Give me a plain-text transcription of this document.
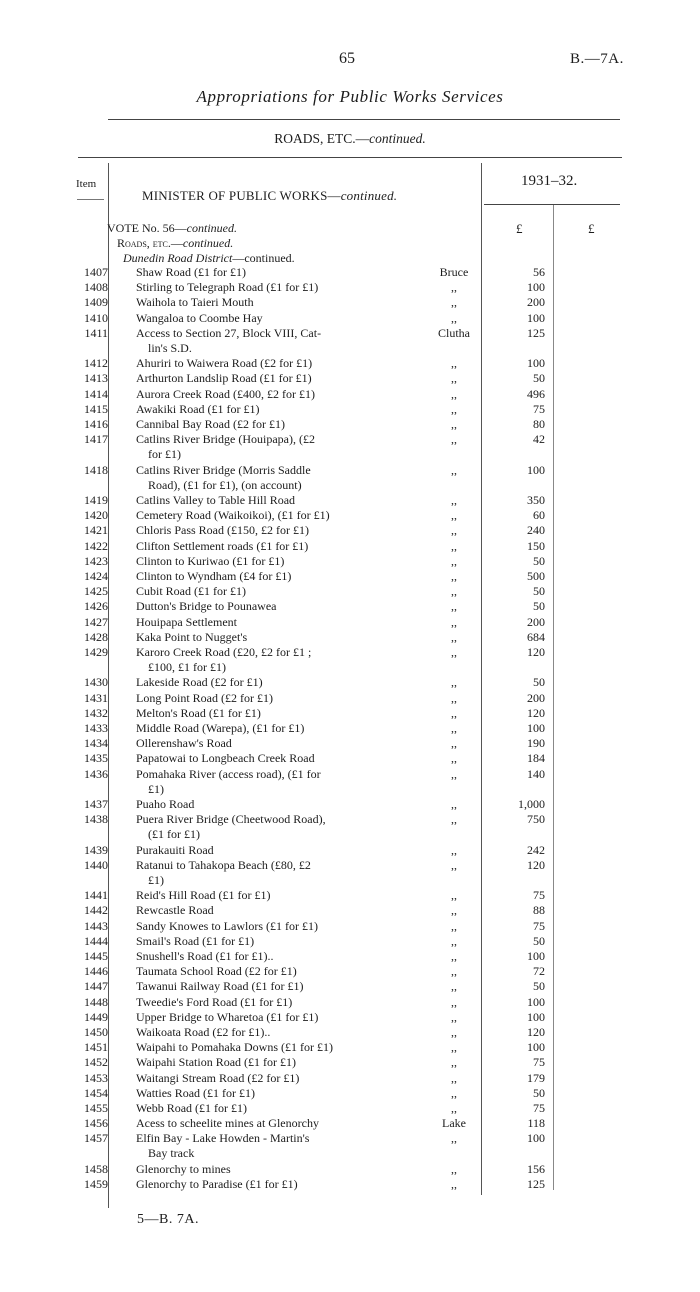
65	B.—7A.
Appropriations for Public Works Services
ROADS, ETC.—continued.
Item
MINISTER OF PUBLIC WORKS—continued.
1931–32.
£	£
VOTE No. 56—continued.
Roads, etc.—continued.
Dunedin Road District—continued.
1407 Shaw Road (£1 for £1)	Bruce	56
1408 Stirling to Telegraph Road (£1 for £1)	,,	100
1409 Waihola to Taieri Mouth	,,	200
1410 Wangaloa to Coombe Hay	,,	100
1411 Access to Section 27, Block VIII, Cat-
lin's S.D.
Clutha	125
1412 Ahuriri to Waiwera Road (£2 for £1)	,,	100
1413 Arthurton Landslip Road (£1 for £1)	,,	50
1414 Aurora Creek Road (£400, £2 for £1)	,,	496
1415 Awakiki Road (£1 for £1)	,,	75
1416 Cannibal Bay Road (£2 for £1)	,,	80
1417 Catlins River Bridge (Houipapa), (£2
for £1)
,,	42
1418 Catlins River Bridge (Morris Saddle
Road), (£1 for £1), (on account)
,,	100
1419 Catlins Valley to Table Hill Road	,,	350
1420 Cemetery Road (Waikoikoi), (£1 for £1)	,,	60
1421 Chloris Pass Road (£150, £2 for £1)	,,	240
1422 Clifton Settlement roads (£1 for £1)	,,	150
1423 Clinton to Kuriwao (£1 for £1)	,,	50
1424 Clinton to Wyndham (£4 for £1)	,,	500
1425 Cubit Road (£1 for £1)	,,	50
1426 Dutton's Bridge to Pounawea	,,	50
1427 Houipapa Settlement	,,	200
1428 Kaka Point to Nugget's	,,	684
1429 Karoro Creek Road (£20, £2 for £1 ;
£100, £1 for £1)
,,	120
1430 Lakeside Road (£2 for £1)	,,	50
1431 Long Point Road (£2 for £1)	,,	200
1432 Melton's Road (£1 for £1)	,,	120
1433 Middle Road (Warepa), (£1 for £1)	,,	100
1434 Ollerenshaw's Road	,,	190
1435 Papatowai to Longbeach Creek Road	,,	184
1436 Pomahaka River (access road), (£1 for
£1)
,,	140
1437 Puaho Road	,,	1,000
1438 Puera River Bridge (Cheetwood Road),
(£1 for £1)
,,	750
1439 Purakauiti Road	,,	242
1440 Ratanui to Tahakopa Beach (£80, £2
£1)
,,	120
1441 Reid's Hill Road (£1 for £1)	,,	75
1442 Rewcastle Road	,,	88
1443 Sandy Knowes to Lawlors (£1 for £1)	,,	75
1444 Smail's Road (£1 for £1)	,,	50
1445 Snushell's Road (£1 for £1)..	,,	100
1446 Taumata School Road (£2 for £1)	,,	72
1447 Tawanui Railway Road (£1 for £1)	,,	50
1448 Tweedie's Ford Road (£1 for £1)	,,	100
1449 Upper Bridge to Wharetoa (£1 for £1)	,,	100
1450 Waikoata Road (£2 for £1)..	,,	120
1451 Waipahi to Pomahaka Downs (£1 for £1)	,,	100
1452 Waipahi Station Road (£1 for £1)	,,	75
1453 Waitangi Stream Road (£2 for £1)	,,	179
1454 Watties Road (£1 for £1)	,,	50
1455 Webb Road (£1 for £1)	,,	75
1456 Acess to scheelite mines at Glenorchy	Lake	118
1457 Elfin Bay - Lake Howden - Martin's
Bay track
,,	100
1458 Glenorchy to mines	,,	156
1459 Glenorchy to Paradise (£1 for £1)	,,	125
5—B. 7A.
